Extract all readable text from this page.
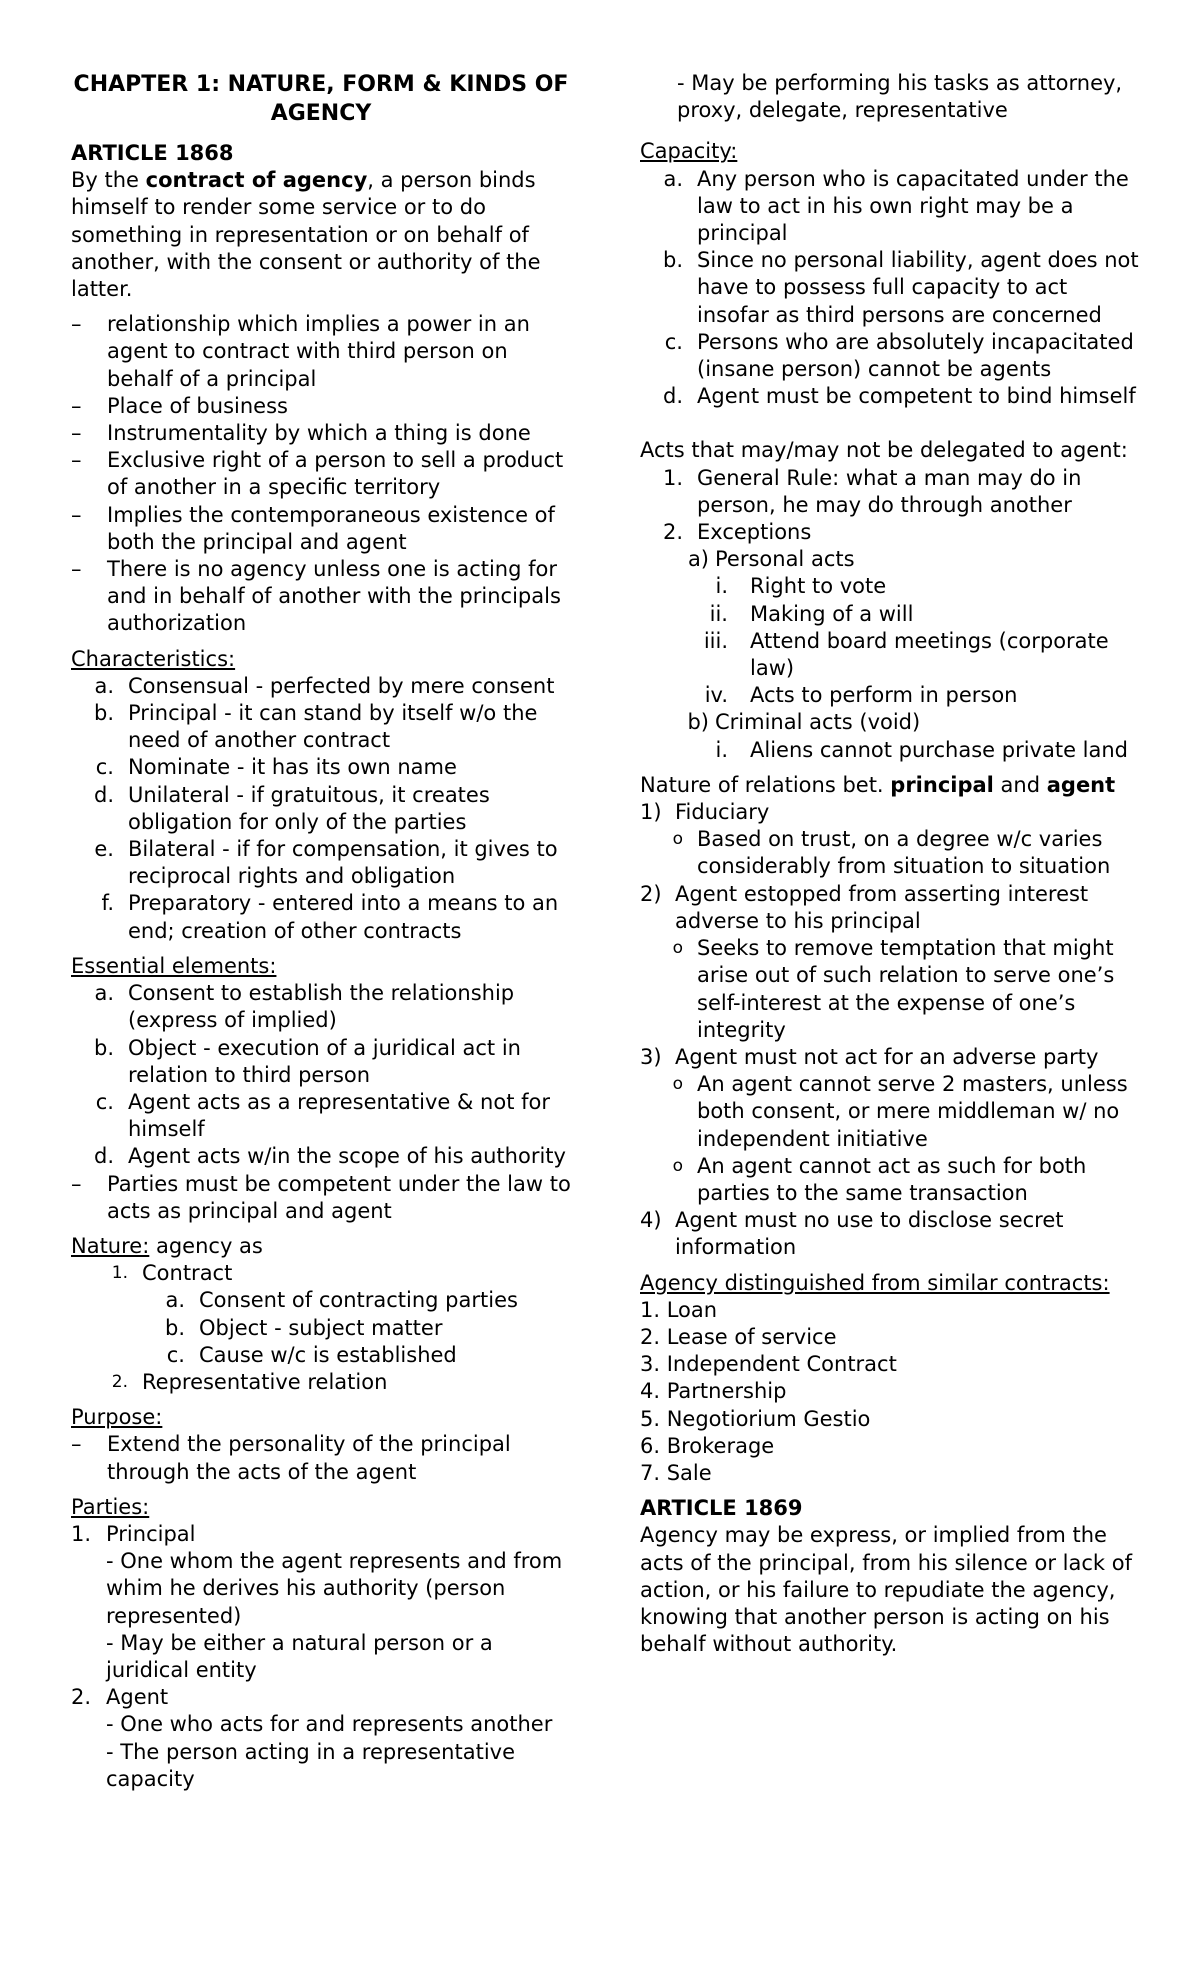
CHAPTER 1: NATURE, FORM & KINDS OF AGENCY
ARTICLE 1868

By the contract of agency, a person binds himself to render some service or to do something in representation or on behalf of another, with the consent or authority of the latter.

–	relationship which implies a power in an agent to contract with third person on behalf of a principal
–	Place of business
–	Instrumentality by which a thing is done
–	Exclusive right of a person to sell a product of another in a specific territory
–	Implies the contemporaneous existence of both the principal and agent
–	There is no agency unless one is acting for and in behalf of another with the principals authorization
Characteristics:
a. Consensual - perfected by mere consent
b. Principal - it can stand by itself w/o the need of another contract
c. Nominate - it has its own name
d. Unilateral - if gratuitous, it creates obligation for only of the parties
e. Bilateral - if for compensation, it gives to reciprocal rights and obligation
f. Preparatory - entered into a means to an end; creation of other contracts
Essential elements:
a. Consent to establish the relationship (express of implied)
b. Object - execution of a juridical act in relation to third person
c. Agent acts as a representative & not for himself
d. Agent acts w/in the scope of his authority
–	Parties must be competent under the law to acts as principal and agent
Nature: agency as
1. Contract
a. Consent of contracting parties
b. Object - subject matter
c. Cause w/c is established
2. Representative relation
Purpose:
–	Extend the personality of the principal through the acts of the agent
Parties:
1. Principal
- One whom the agent represents and from whim he derives his authority (person represented)
- May be either a natural person or a juridical entity
2. Agent
- One who acts for and represents another
- The person acting in a representative capacity
- May be performing his tasks as attorney, proxy, delegate, representative
Capacity:
a. Any person who is capacitated under the law to act in his own right may be a principal
b. Since no personal liability, agent does not have to possess full capacity to act insofar as third persons are concerned
c. Persons who are absolutely incapacitated (insane person) cannot be agents
d. Agent must be competent to bind himself
Acts that may/may not be delegated to agent:
1. General Rule: what a man may do in person, he may do through another
2. Exceptions
a) Personal acts
i.	Right to vote
ii.	Making of a will
iii.	Attend board meetings (corporate law)
iv.	Acts to perform in person
b) Criminal acts (void)
i.	Aliens cannot purchase private land
Nature of relations bet. principal and agent
1) Fiduciary
o Based on trust, on a degree w/c varies considerably from situation to situation
2) Agent estopped from asserting interest adverse to his principal
o Seeks to remove temptation that might arise out of such relation to serve one’s self-interest at the expense of one’s integrity
3) Agent must not act for an adverse party
o An agent cannot serve 2 masters, unless both consent, or mere middleman w/ no independent initiative
o An agent cannot act as such for both parties to the same transaction
4) Agent must no use to disclose secret information
Agency distinguished from similar contracts:
1. Loan
2. Lease of service
3. Independent Contract
4. Partnership
5. Negotiorium Gestio
6. Brokerage
7. Sale
ARTICLE 1869

Agency may be express, or implied from the acts of the principal, from his silence or lack of action, or his failure to repudiate the agency, knowing that another person is acting on his behalf without authority.
